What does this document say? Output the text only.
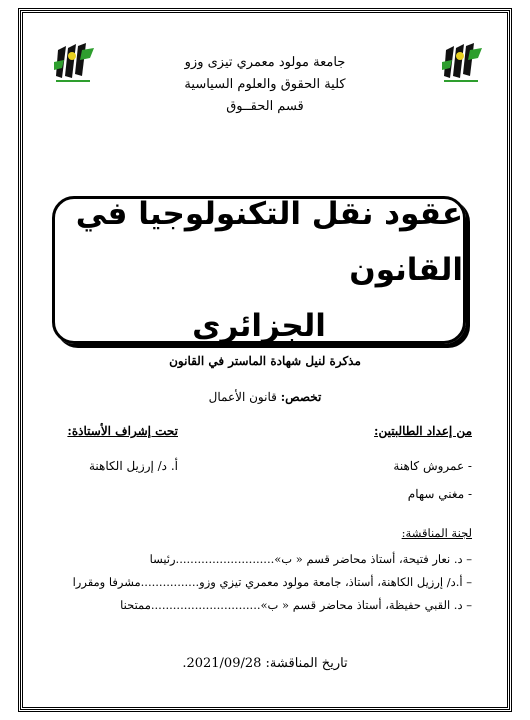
جامعة مولود معمري تيزى وزو
كلية الحقوق والعلوم السياسية
قسم الحقــوق
عقود نقل التكنولوجيا في القانون
الجزائري
مذكرة لنيل شهادة الماستر في القانون
تخصص: قانون الأعمال
من إعداد الطالبتين:
- عمروش كاهنة
- مغني سهام
تحت إشراف الأستاذة:
أ. د/ إرزيل الكاهنة
لجنة المناقشة:
– د. نعار فتيحة، أستاذ محاضر قسم « ب»...........................رئيسا
– أ.د/ إرزيل الكاهنة، أستاذ، جامعة مولود معمري تيزي وزو................مشرفا ومقررا
– د. القبي حفيظة، أستاذ محاضر قسم « ب»..............................ممتحنا
تاريخ المناقشة: 2021/09/28.
